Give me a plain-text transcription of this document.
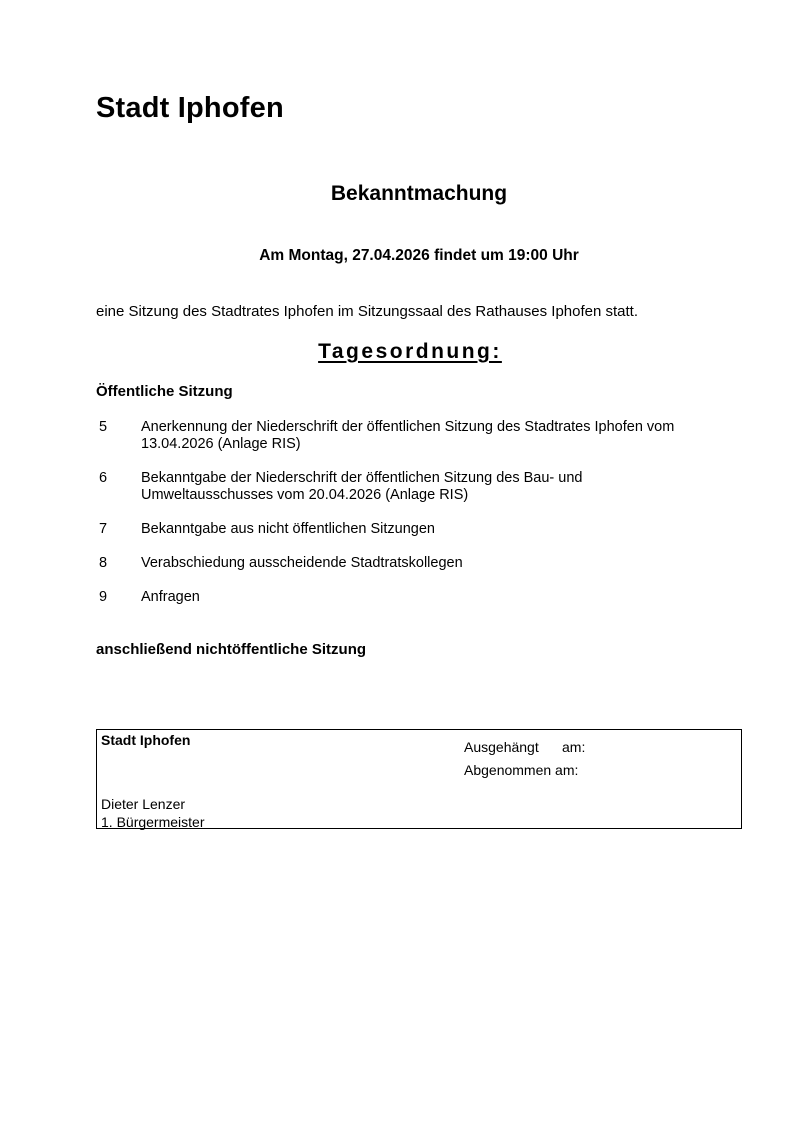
Stadt Iphofen
Bekanntmachung
Am Montag, 27.04.2026 findet um 19:00 Uhr
eine Sitzung des Stadtrates Iphofen im Sitzungssaal des Rathauses Iphofen statt.
Tagesordnung:
Öffentliche Sitzung
5	Anerkennung der Niederschrift der öffentlichen Sitzung des Stadtrates Iphofen vom 13.04.2026 (Anlage RIS)
6	Bekanntgabe der Niederschrift der öffentlichen Sitzung des Bau- und Umweltausschusses vom 20.04.2026 (Anlage RIS)
7	Bekanntgabe aus nicht öffentlichen Sitzungen
8	Verabschiedung ausscheidende Stadtratskollegen
9	Anfragen
anschließend nichtöffentliche Sitzung
Stadt Iphofen	Ausgehängt	am:
Abgenommen am:
Dieter Lenzer
1. Bürgermeister
